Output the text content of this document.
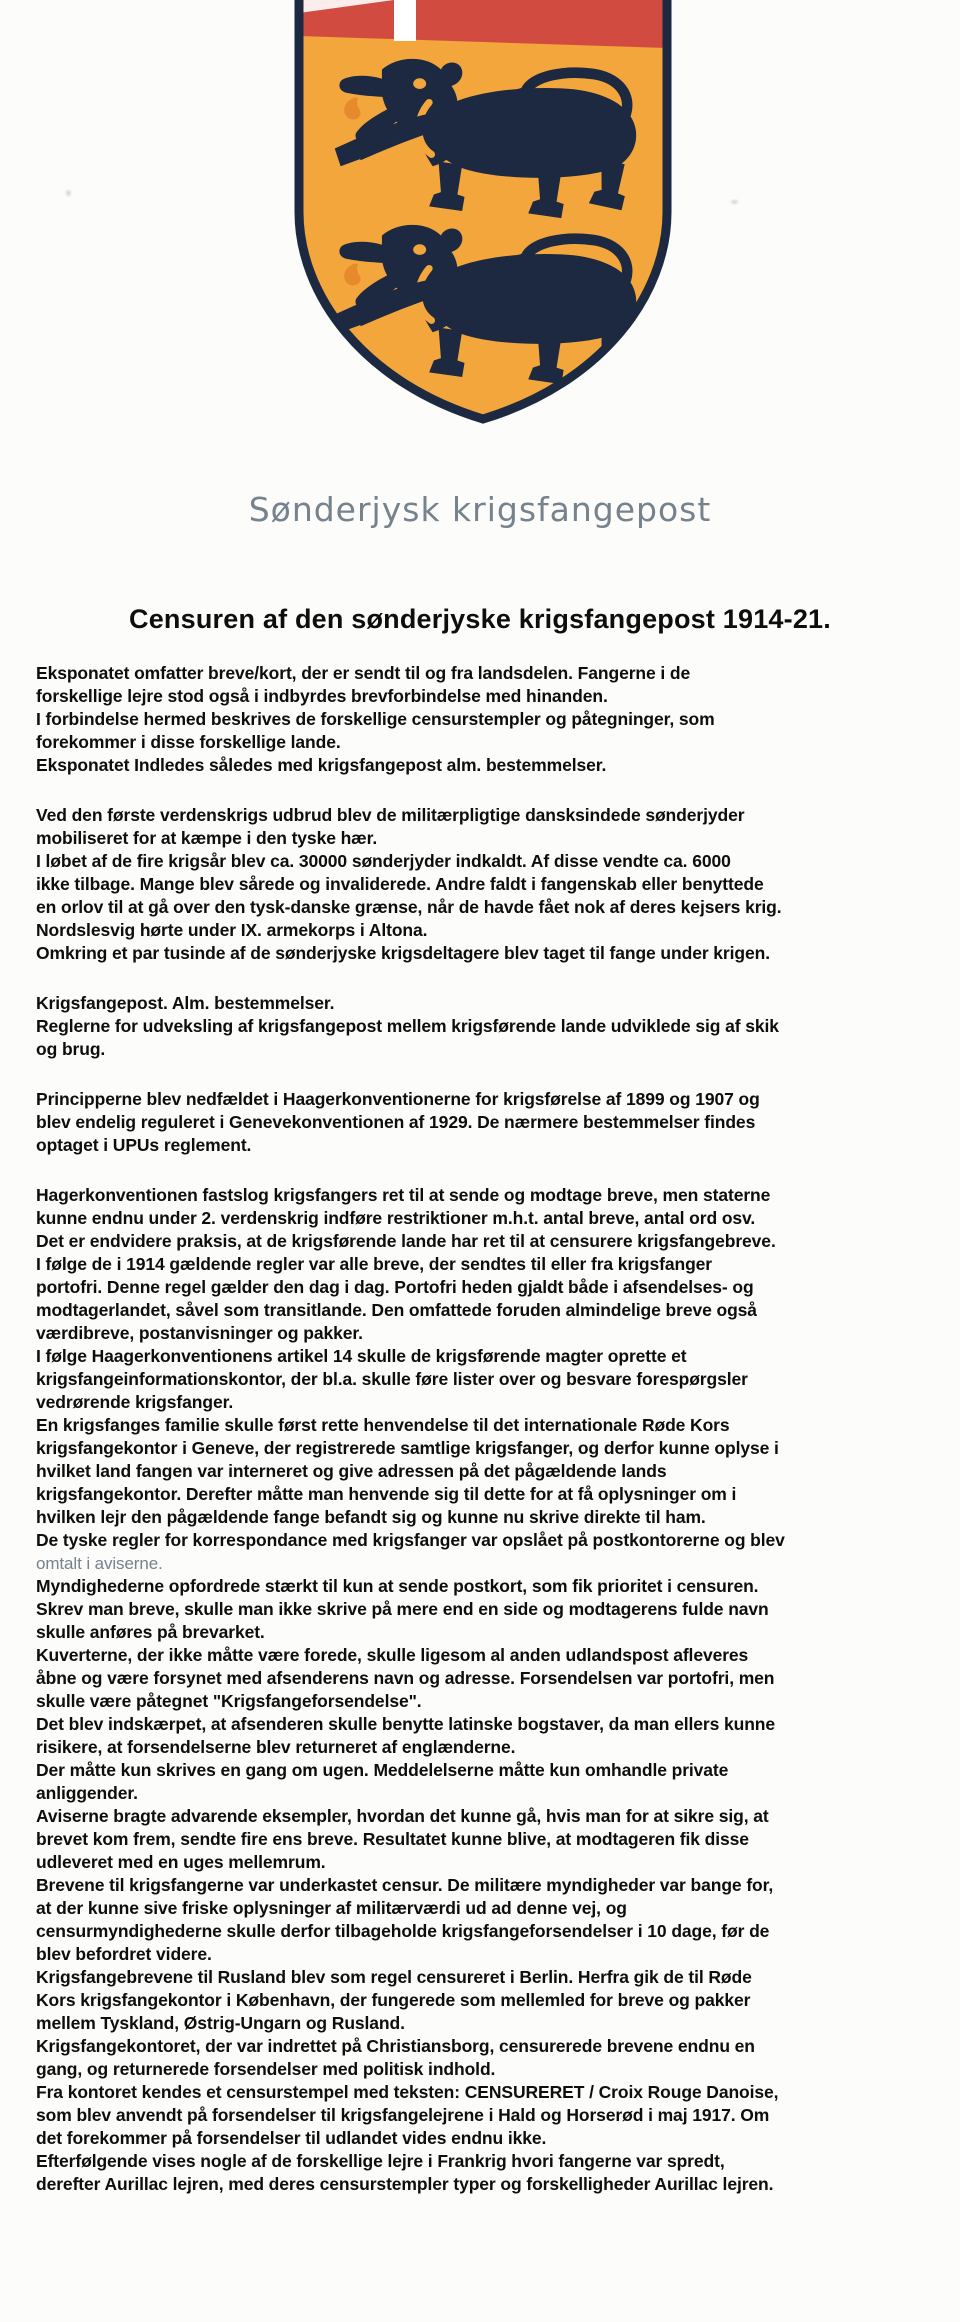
Sønderjysk krigsfangepost
Censuren af den sønderjyske krigsfangepost 1914-21.
Eksponatet omfatter breve/kort, der er sendt til og fra landsdelen. Fangerne i de
forskellige lejre stod også i indbyrdes brevforbindelse med hinanden.
I forbindelse hermed beskrives de forskellige censurstempler og påtegninger, som
forekommer i disse forskellige lande.
Eksponatet Indledes således med krigsfangepost alm. bestemmelser.
Ved den første verdenskrigs udbrud blev de militærpligtige dansksindede sønderjyder
mobiliseret for at kæmpe i den tyske hær.
I løbet af de fire krigsår blev ca. 30000 sønderjyder indkaldt. Af disse vendte ca. 6000
ikke tilbage. Mange blev sårede og invaliderede. Andre faldt i fangenskab eller benyttede
en orlov til at gå over den tysk-danske grænse, når de havde fået nok af deres kejsers krig.
Nordslesvig hørte under IX. armekorps i Altona.
Omkring et par tusinde af de sønderjyske krigsdeltagere blev taget til fange under krigen.
Krigsfangepost. Alm. bestemmelser.
Reglerne for udveksling af krigsfangepost mellem krigsførende lande udviklede sig af skik
og brug.
Principperne blev nedfældet i Haagerkonventionerne for krigsførelse af 1899 og 1907 og
blev endelig reguleret i Genevekonventionen af 1929. De nærmere bestemmelser findes
optaget i UPUs reglement.
Hagerkonventionen fastslog krigsfangers ret til at sende og modtage breve, men staterne
kunne endnu under 2. verdenskrig indføre restriktioner m.h.t. antal breve, antal ord osv.
Det er endvidere praksis, at de krigsførende lande har ret til at censurere krigsfangebreve.
I følge de i 1914 gældende regler var alle breve, der sendtes til eller fra krigsfanger
portofri. Denne regel gælder den dag i dag. Portofri heden gjaldt både i afsendelses- og
modtagerlandet, såvel som transitlande. Den omfattede foruden almindelige breve også
værdibreve, postanvisninger og pakker.
I følge Haagerkonventionens artikel 14 skulle de krigsførende magter oprette et
krigsfangeinformationskontor, der bl.a. skulle føre lister over og besvare forespørgsler
vedrørende krigsfanger.
En krigsfanges familie skulle først rette henvendelse til det internationale Røde Kors
krigsfangekontor i Geneve, der registrerede samtlige krigsfanger, og derfor kunne oplyse i
hvilket land fangen var interneret og give adressen på det pågældende lands
krigsfangekontor. Derefter måtte man henvende sig til dette for at få oplysninger om i
hvilken lejr den pågældende fange befandt sig og kunne nu skrive direkte til ham.
De tyske regler for korrespondance med krigsfanger var opslået på postkontorerne og blev
omtalt i aviserne.
Myndighederne opfordrede stærkt til kun at sende postkort, som fik prioritet i censuren.
Skrev man breve, skulle man ikke skrive på mere end en side og modtagerens fulde navn
skulle anføres på brevarket.
Kuverterne, der ikke måtte være forede, skulle ligesom al anden udlandspost afleveres
åbne og være forsynet med afsenderens navn og adresse. Forsendelsen var portofri, men
skulle være påtegnet "Krigsfangeforsendelse".
Det blev indskærpet, at afsenderen skulle benytte latinske bogstaver, da man ellers kunne
risikere, at forsendelserne blev returneret af englænderne.
Der måtte kun skrives en gang om ugen. Meddelelserne måtte kun omhandle private
anliggender.
Aviserne bragte advarende eksempler, hvordan det kunne gå, hvis man for at sikre sig, at
brevet kom frem, sendte fire ens breve. Resultatet kunne blive, at modtageren fik disse
udleveret med en uges mellemrum.
Brevene til krigsfangerne var underkastet censur. De militære myndigheder var bange for,
at der kunne sive friske oplysninger af militærværdi ud ad denne vej, og
censurmyndighederne skulle derfor tilbageholde krigsfangeforsendelser i 10 dage, før de
blev befordret videre.
Krigsfangebrevene til Rusland blev som regel censureret i Berlin. Herfra gik de til Røde
Kors krigsfangekontor i København, der fungerede som mellemled for breve og pakker
mellem Tyskland, Østrig-Ungarn og Rusland.
Krigsfangekontoret, der var indrettet på Christiansborg, censurerede brevene endnu en
gang, og returnerede forsendelser med politisk indhold.
Fra kontoret kendes et censurstempel med teksten: CENSURERET / Croix Rouge Danoise,
som blev anvendt på forsendelser til krigsfangelejrene i Hald og Horserød i maj 1917. Om
det forekommer på forsendelser til udlandet vides endnu ikke.
Efterfølgende vises nogle af de forskellige lejre i Frankrig hvori fangerne var spredt,
derefter Aurillac lejren, med deres censurstempler typer og forskelligheder Aurillac lejren.
